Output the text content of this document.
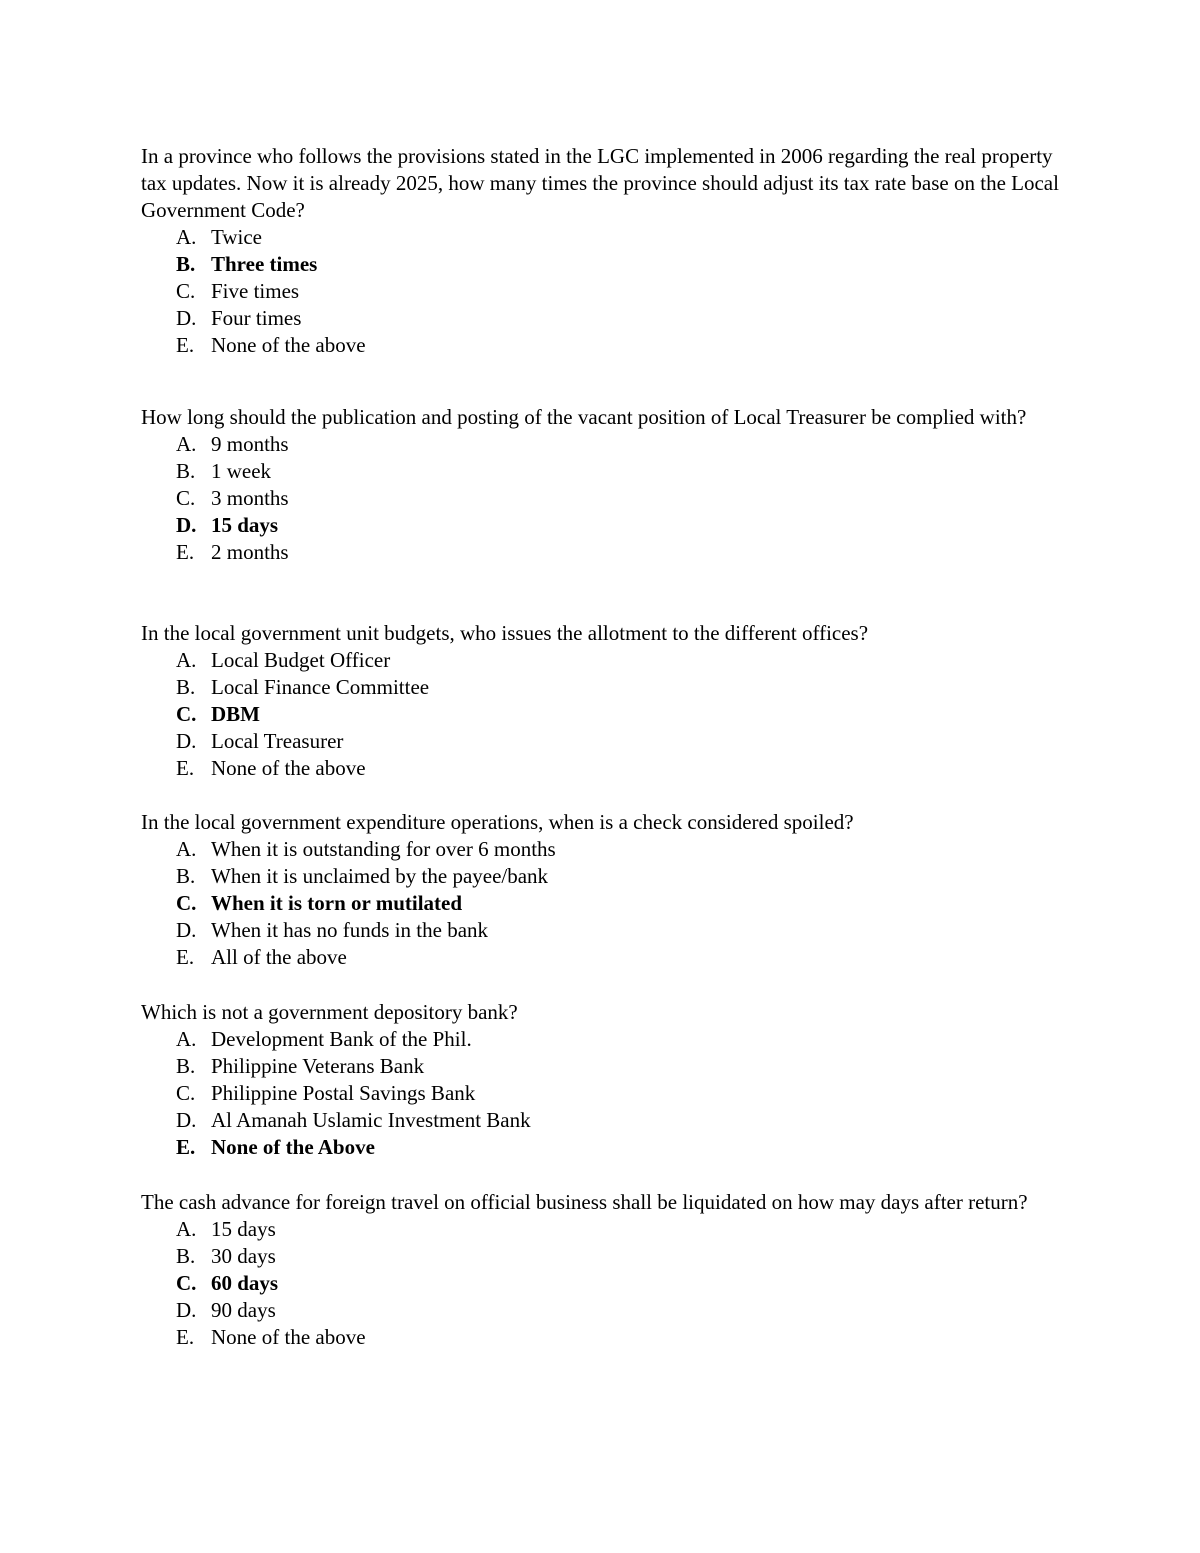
In a province who follows the provisions stated in the LGC implemented in 2006 regarding the real property tax updates. Now it is already 2025, how many times the province should adjust its tax rate base on the Local Government Code?

A. Twice
B. Three times
C. Five times
D. Four times
E. None of the above

How long should the publication and posting of the vacant position of Local Treasurer be complied with?

A. 9 months
B. 1 week
C. 3 months
D. 15 days
E. 2 months

In the local government unit budgets, who issues the allotment to the different offices?

A. Local Budget Officer
B. Local Finance Committee
C. DBM
D. Local Treasurer
E. None of the above

In the local government expenditure operations, when is a check considered spoiled?

A. When it is outstanding for over 6 months
B. When it is unclaimed by the payee/bank
C. When it is torn or mutilated
D. When it has no funds in the bank
E. All of the above

Which is not a government depository bank?

A. Development Bank of the Phil.
B. Philippine Veterans Bank
C. Philippine Postal Savings Bank
D. Al Amanah Uslamic Investment Bank
E. None of the Above

The cash advance for foreign travel on official business shall be liquidated on how may days after return?

A. 15 days
B. 30 days
C. 60 days
D. 90 days
E. None of the above
